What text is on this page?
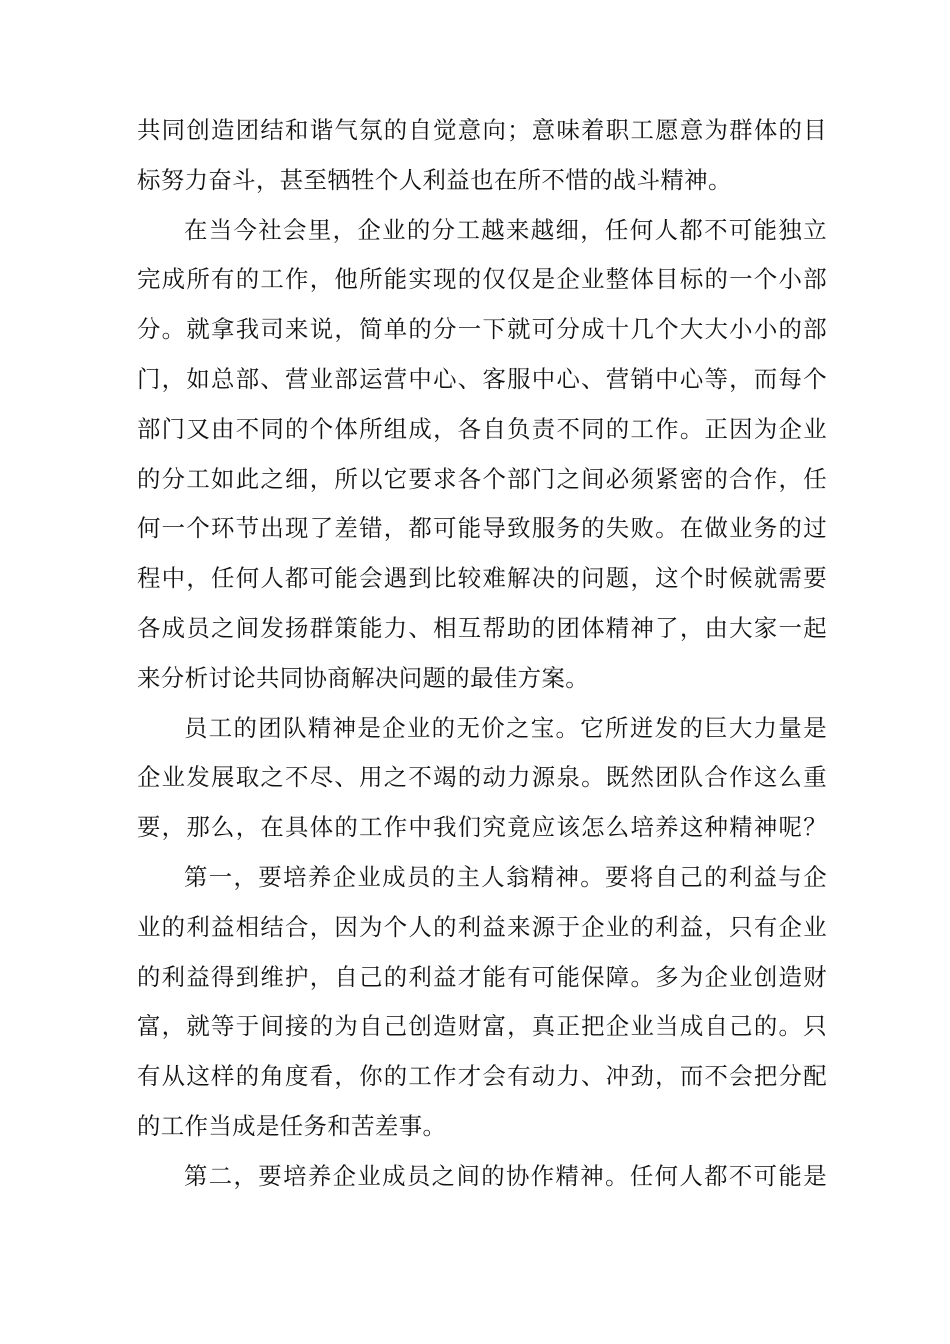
共同创造团结和谐气氛的自觉意向；意味着职工愿意为群体的目
标努力奋斗，甚至牺牲个人利益也在所不惜的战斗精神。
在当今社会里，企业的分工越来越细，任何人都不可能独立
完成所有的工作，他所能实现的仅仅是企业整体目标的一个小部
分。就拿我司来说，简单的分一下就可分成十几个大大小小的部
门，如总部、营业部运营中心、客服中心、营销中心等，而每个
部门又由不同的个体所组成，各自负责不同的工作。正因为企业
的分工如此之细，所以它要求各个部门之间必须紧密的合作，任
何一个环节出现了差错，都可能导致服务的失败。在做业务的过
程中，任何人都可能会遇到比较难解决的问题，这个时候就需要
各成员之间发扬群策能力、相互帮助的团体精神了，由大家一起
来分析讨论共同协商解决问题的最佳方案。
员工的团队精神是企业的无价之宝。它所迸发的巨大力量是
企业发展取之不尽、用之不竭的动力源泉。既然团队合作这么重
要，那么，在具体的工作中我们究竟应该怎么培养这种精神呢？
第一，要培养企业成员的主人翁精神。要将自己的利益与企
业的利益相结合，因为个人的利益来源于企业的利益，只有企业
的利益得到维护，自己的利益才能有可能保障。多为企业创造财
富，就等于间接的为自己创造财富，真正把企业当成自己的。只
有从这样的角度看，你的工作才会有动力、冲劲，而不会把分配
的工作当成是任务和苦差事。
第二，要培养企业成员之间的协作精神。任何人都不可能是
